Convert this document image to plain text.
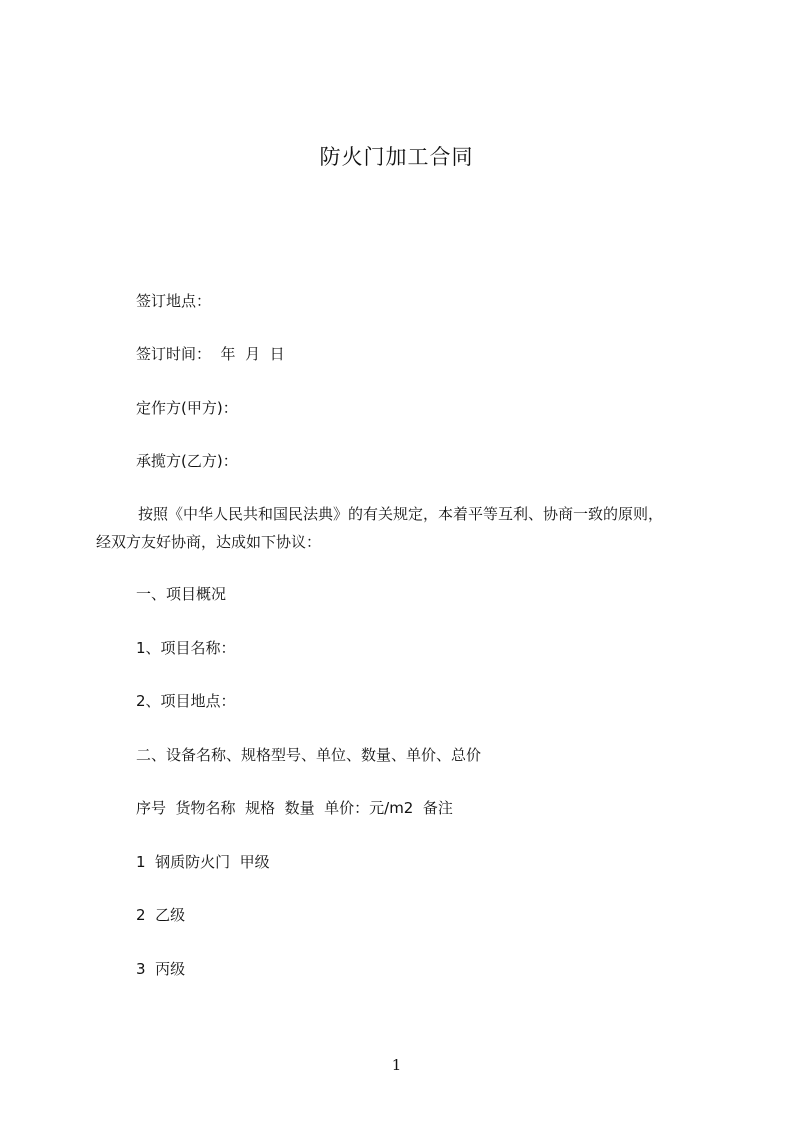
防火门加工合同
签订地点：
签订时间：  年  月  日
定作方(甲方)：
承揽方(乙方)：
按照《中华人民共和国民法典》的有关规定，本着平等互利、协商一致的原则，
经双方友好协商，达成如下协议：
一、项目概况
1、项目名称：
2、项目地点：
二、设备名称、规格型号、单位、数量、单价、总价
序号  货物名称  规格  数量  单价：元/m2  备注
1  钢质防火门  甲级
2  乙级
3  丙级
1
